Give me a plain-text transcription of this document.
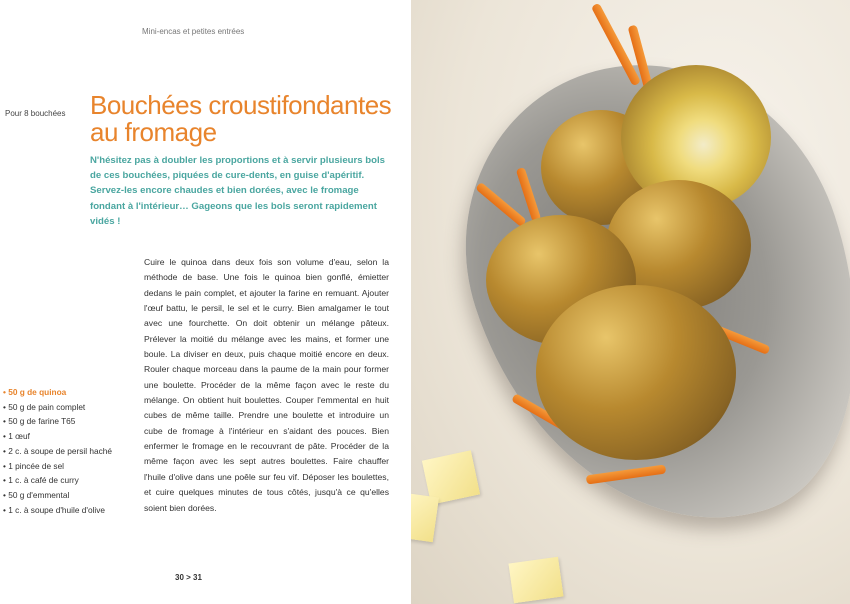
Mini-encas et petites entrées
Pour 8 bouchées Bouchées croustifondantes au fromage
N'hésitez pas à doubler les proportions et à servir plusieurs bols de ces bouchées, piquées de cure-dents, en guise d'apéritif. Servez-les encore chaudes et bien dorées, avec le fromage fondant à l'intérieur… Gageons que les bols seront rapidement vidés !
• 50 g de quinoa
• 50 g de pain complet
• 50 g de farine T65
• 1 œuf
• 2 c. à soupe de persil haché
• 1 pincée de sel
• 1 c. à café de curry
• 50 g d'emmental
• 1 c. à soupe d'huile d'olive
Cuire le quinoa dans deux fois son volume d'eau, selon la méthode de base. Une fois le quinoa bien gonflé, émietter dedans le pain complet, et ajouter la farine en remuant. Ajouter l'œuf battu, le persil, le sel et le curry. Bien amalgamer le tout avec une fourchette. On doit obtenir un mélange pâteux. Prélever la moitié du mélange avec les mains, et former une boule. La diviser en deux, puis chaque moitié encore en deux. Rouler chaque morceau dans la paume de la main pour former une boulette. Procéder de la même façon avec le reste du mélange. On obtient huit boulettes. Couper l'emmental en huit cubes de même taille. Prendre une boulette et introduire un cube de fromage à l'intérieur en s'aidant des pouces. Bien enfermer le fromage en le recouvrant de pâte. Procéder de la même façon avec les sept autres boulettes. Faire chauffer l'huile d'olive dans une poêle sur feu vif. Déposer les boulettes, et cuire quelques minutes de tous côtés, jusqu'à ce qu'elles soient bien dorées.
30 > 31
